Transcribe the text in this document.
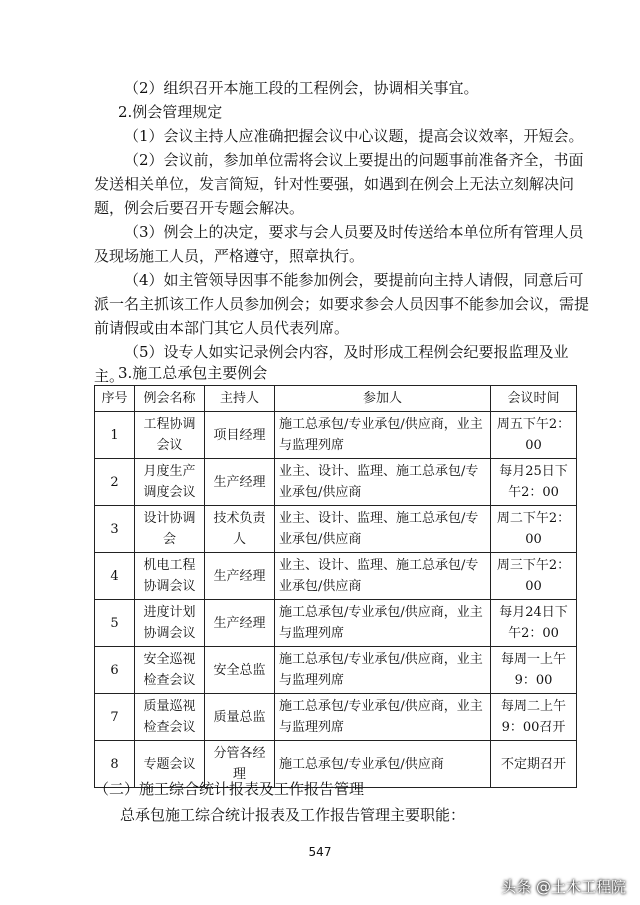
（2）组织召开本施工段的工程例会，协调相关事宜。

2.例会管理规定

（1）会议主持人应准确把握会议中心议题，提高会议效率，开短会。

（2）会议前，参加单位需将会议上要提出的问题事前准备齐全，书面发送相关单位，发言简短，针对性要强，如遇到在例会上无法立刻解决问题，例会后要召开专题会解决。

（3）例会上的决定，要求与会人员要及时传送给本单位所有管理人员及现场施工人员，严格遵守，照章执行。

（4）如主管领导因事不能参加例会，要提前向主持人请假，同意后可派一名主抓该工作人员参加例会；如要求参会人员因事不能参加会议，需提前请假或由本部门其它人员代表列席。

（5）设专人如实记录例会内容，及时形成工程例会纪要报监理及业主。

3.施工总承包主要例会
序号	例会名称	主持人	参加人	会议时间
1	工程协调会议	项目经理	施工总承包/专业承包/供应商，业主与监理列席	周五下午2：00
2	月度生产调度会议	生产经理	业主、设计、监理、施工总承包/专业承包/供应商	每月25日下午2：00
3	设计协调会	技术负责人	业主、设计、监理、施工总承包/专业承包/供应商	周二下午2：00
4	机电工程协调会议	生产经理	业主、设计、监理、施工总承包/专业承包/供应商	周三下午2：00
5	进度计划协调会议	生产经理	施工总承包/专业承包/供应商，业主与监理列席	每月24日下午2：00
6	安全巡视检查会议	安全总监	施工总承包/专业承包/供应商，业主与监理列席	每周一上午9：00
7	质量巡视检查会议	质量总监	施工总承包/专业承包/供应商，业主与监理列席	每周二上午9：00召开
8	专题会议	分管各经理	施工总承包/专业承包/供应商	不定期召开
（二）施工综合统计报表及工作报告管理
总承包施工综合统计报表及工作报告管理主要职能：
547
头条 @土木工程院
